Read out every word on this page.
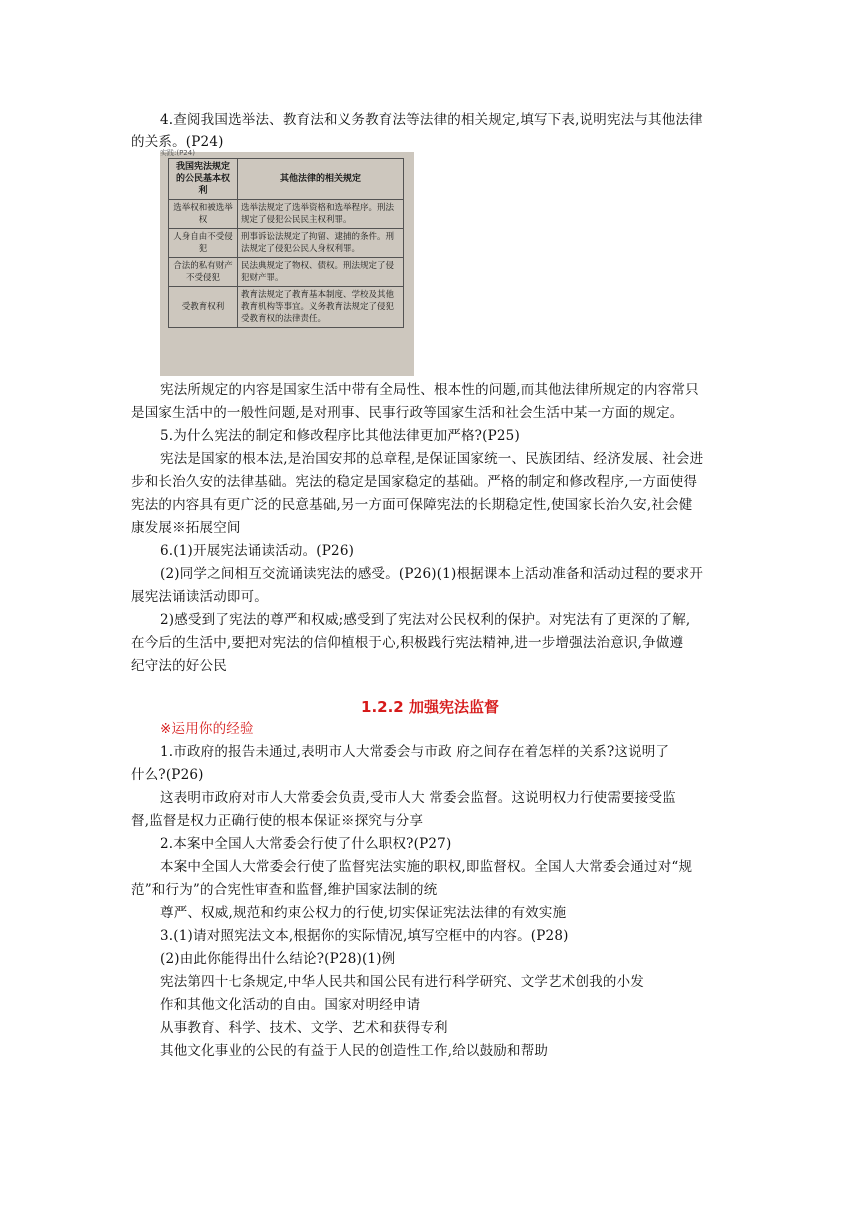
4.查阅我国选举法、教育法和义务教育法等法律的相关规定,填写下表,说明宪法与其他法律
的关系。(P24)
实践:(P24)
我国宪法规定的公民基本权利	其他法律的相关规定
选举权和被选举权	选举法规定了选举资格和选举程序。刑法规定了侵犯公民民主权利罪。
人身自由不受侵犯	刑事诉讼法规定了拘留、逮捕的条件。刑法规定了侵犯公民人身权利罪。
合法的私有财产不受侵犯	民法典规定了物权、债权。刑法规定了侵犯财产罪。
受教育权利	教育法规定了教育基本制度、学校及其他教育机构等事宜。义务教育法规定了侵犯受教育权的法律责任。
宪法所规定的内容是国家生活中带有全局性、根本性的问题,而其他法律所规定的内容常只
是国家生活中的一般性问题,是对刑事、民事行政等国家生活和社会生活中某一方面的规定。
5.为什么宪法的制定和修改程序比其他法律更加严格?(P25)
宪法是国家的根本法,是治国安邦的总章程,是保证国家统一、民族团结、经济发展、社会进
步和长治久安的法律基础。宪法的稳定是国家稳定的基础。严格的制定和修改程序,一方面使得
宪法的内容具有更广泛的民意基础,另一方面可保障宪法的长期稳定性,使国家长治久安,社会健
康发展※拓展空间
6.(1)开展宪法诵读活动。(P26)
(2)同学之间相互交流诵读宪法的感受。(P26)(1)根据课本上活动准备和活动过程的要求开
展宪法诵读活动即可。
2)感受到了宪法的尊严和权威;感受到了宪法对公民权利的保护。对宪法有了更深的了解,
在今后的生活中,要把对宪法的信仰植根于心,积极践行宪法精神,进一步增强法治意识,争做遵
纪守法的好公民
1.2.2 加强宪法监督
※运用你的经验
1.市政府的报告未通过,表明市人大常委会与市政 府之间存在着怎样的关系?这说明了
什么?(P26)
这表明市政府对市人大常委会负责,受市人大 常委会监督。这说明权力行使需要接受监
督,监督是权力正确行使的根本保证※探究与分享
2.本案中全国人大常委会行使了什么职权?(P27)
本案中全国人大常委会行使了监督宪法实施的职权,即监督权。全国人大常委会通过对“规
范”和行为”的合宪性审查和监督,维护国家法制的统
尊严、权威,规范和约束公权力的行使,切实保证宪法法律的有效实施
3.(1)请对照宪法文本,根据你的实际情况,填写空框中的内容。(P28)
(2)由此你能得出什么结论?(P28)(1)例
宪法第四十七条规定,中华人民共和国公民有进行科学研究、文学艺术创我的小发
作和其他文化活动的自由。国家对明经申请
从事教育、科学、技术、文学、艺术和获得专利
其他文化事业的公民的有益于人民的创造性工作,给以鼓励和帮助
